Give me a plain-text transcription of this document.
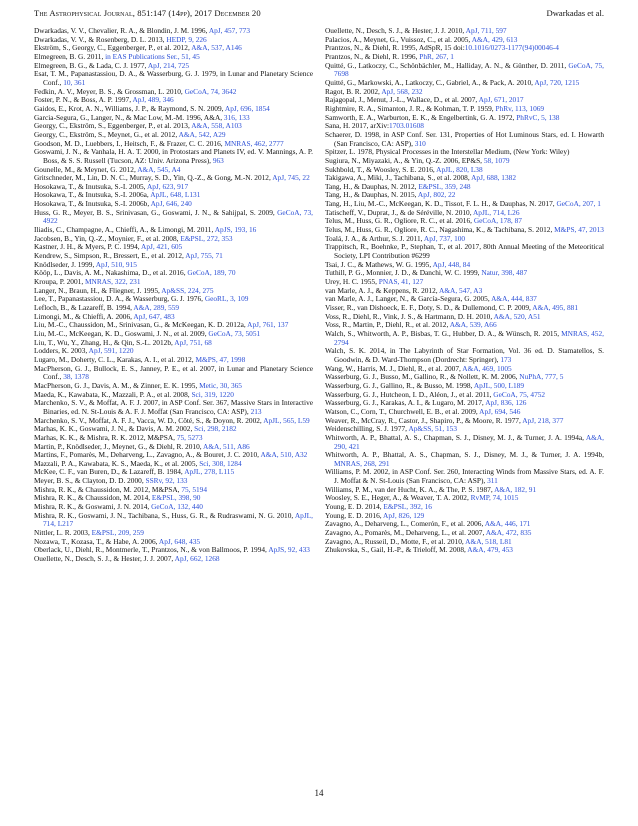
The Astrophysical Journal, 851:147 (14pp), 2017 December 20	Dwarkadas et al.
Dwarkadas, V. V., Chevalier, R. A., & Blondin, J. M. 1996, ApJ, 457, 773
Dwarkadas, V. V., & Rosenberg, D. L. 2013, HEDP, 9, 226
Ekström, S., Georgy, C., Eggenberger, P., et al. 2012, A&A, 537, A146
Elmegreen, B. G. 2011, in EAS Publications Ser., 51, 45
Elmegreen, B. G., & Lada, C. J. 1977, ApJ, 214, 725
Esat, T. M., Papanastassiou, D. A., & Wasserburg, G. J. 1979, in Lunar and Planetary Science Conf., 10, 361
Fedkin, A. V., Meyer, B. S., & Grossman, L. 2010, GeCoA, 74, 3642
Foster, P. N., & Boss, A. P. 1997, ApJ, 489, 346
Gaidos, E., Krot, A. N., Williams, J. P., & Raymond, S. N. 2009, ApJ, 696, 1854
Garcia-Segura, G., Langer, N., & Mac Low, M.-M. 1996, A&A, 316, 133
Georgy, C., Ekström, S., Eggenberger, P., et al. 2013, A&A, 558, A103
Georgy, C., Ekström, S., Meynet, G., et al. 2012, A&A, 542, A29
Goodson, M. D., Luebbers, I., Heitsch, F., & Frazer, C. C. 2016, MNRAS, 462, 2777
Goswami, J. N., & Vanhala, H. A. T. 2000, in Protostars and Planets IV, ed. V. Mannings, A. P. Boss, & S. S. Russell (Tucson, AZ: Univ. Arizona Press), 963
Gounelle, M., & Meynet, G. 2012, A&A, 545, A4
Gritschneder, M., Lin, D. N. C., Murray, S. D., Yin, Q.-Z., & Gong, M.-N. 2012, ApJ, 745, 22
Hosokawa, T., & Inutsuka, S.-I. 2005, ApJ, 623, 917
Hosokawa, T., & Inutsuka, S.-I. 2006a, ApJL, 648, L131
Hosokawa, T., & Inutsuka, S.-I. 2006b, ApJ, 646, 240
Huss, G. R., Meyer, B. S., Srinivasan, G., Goswami, J. N., & Sahijpal, S. 2009, GeCoA, 73, 4922
Iliadis, C., Champagne, A., Chieffi, A., & Limongi, M. 2011, ApJS, 193, 16
Jacobsen, B., Yin, Q.-Z., Moynier, F., et al. 2008, E&PSL, 272, 353
Kastner, J. H., & Myers, P. C. 1994, ApJ, 421, 605
Kendrew, S., Simpson, R., Bressert, E., et al. 2012, ApJ, 755, 71
Knödlseder, J. 1999, ApJ, 510, 915
Kööp, L., Davis, A. M., Nakashima, D., et al. 2016, GeCoA, 189, 70
Kroupa, P. 2001, MNRAS, 322, 231
Langer, N., Braun, H., & Fliegner, J. 1995, Ap&SS, 224, 275
Lee, T., Papanastassiou, D. A., & Wasserburg, G. J. 1976, GeoRL, 3, 109
Lefloch, B., & Lazareff, B. 1994, A&A, 289, 559
Limongi, M., & Chieffi, A. 2006, ApJ, 647, 483
Liu, M.-C., Chaussidon, M., Srinivasan, G., & McKeegan, K. D. 2012a, ApJ, 761, 137
Liu, M.-C., McKeegan, K. D., Goswami, J. N., et al. 2009, GeCoA, 73, 5051
Liu, T., Wu, Y., Zhang, H., & Qin, S.-L. 2012b, ApJ, 751, 68
Lodders, K. 2003, ApJ, 591, 1220
Lugaro, M., Doherty, C. L., Karakas, A. I., et al. 2012, M&PS, 47, 1998
MacPherson, G. J., Bullock, E. S., Janney, P. E., et al. 2007, in Lunar and Planetary Science Conf., 38, 1378
MacPherson, G. J., Davis, A. M., & Zinner, E. K. 1995, Metic, 30, 365
Maeda, K., Kawabata, K., Mazzali, P. A., et al. 2008, Sci, 319, 1220
Marchenko, S. V., & Moffat, A. F. J. 2007, in ASP Conf. Ser. 367, Massive Stars in Interactive Binaries, ed. N. St-Louis & A. F. J. Moffat (San Francisco, CA: ASP), 213
Marchenko, S. V., Moffat, A. F. J., Vacca, W. D., Côté, S., & Doyon, R. 2002, ApJL, 565, L59
Marhas, K. K., Goswami, J. N., & Davis, A. M. 2002, Sci, 298, 2182
Marhas, K. K., & Mishra, R. K. 2012, M&PSA, 75, 5273
Martin, P., Knödlseder, J., Meynet, G., & Diehl, R. 2010, A&A, 511, A86
Martins, F., Pomarès, M., Deharveng, L., Zavagno, A., & Bouret, J. C. 2010, A&A, 510, A32
Mazzali, P. A., Kawabata, K. S., Maeda, K., et al. 2005, Sci, 308, 1284
McKee, C. F., van Buren, D., & Lazareff, B. 1984, ApJL, 278, L115
Meyer, B. S., & Clayton, D. D. 2000, SSRv, 92, 133
Mishra, R. K., & Chaussidon, M. 2012, M&PSA, 75, 5194
Mishra, R. K., & Chaussidon, M. 2014, E&PSL, 398, 90
Mishra, R. K., & Goswami, J. N. 2014, GeCoA, 132, 440
Mishra, R. K., Goswami, J. N., Tachibana, S., Huss, G. R., & Rudraswami, N. G. 2010, ApJL, 714, L217
Nittler, L. R. 2003, E&PSL, 209, 259
Nozawa, T., Kozasa, T., & Habe, A. 2006, ApJ, 648, 435
Oberlack, U., Diehl, R., Montmerle, T., Prantzos, N., & von Ballmoos, P. 1994, ApJS, 92, 433
Ouellette, N., Desch, S. J., & Hester, J. J. 2007, ApJ, 662, 1268
Ouellette, N., Desch, S. J., & Hester, J. J. 2010, ApJ, 711, 597
Palacios, A., Meynet, G., Vuissoz, C., et al. 2005, A&A, 429, 613
Prantzos, N., & Diehl, R. 1995, AdSpR, 15 doi:10.1016/0273-1177(94)00046-4
Prantzos, N., & Diehl, R. 1996, PhR, 267, 1
Quitté, G., Latkoczy, C., Schönbächler, M., Halliday, A. N., & Günther, D. 2011, GeCoA, 75, 7698
Quitté, G., Markowski, A., Latkoczy, C., Gabriel, A., & Pack, A. 2010, ApJ, 720, 1215
Ragot, B. R. 2002, ApJ, 568, 232
Rajagopal, J., Menut, J.-L., Wallace, D., et al. 2007, ApJ, 671, 2017
Rightmire, R. A., Simanton, J. R., & Kohman, T. P. 1959, PhRv, 113, 1069
Samworth, E. A., Warburton, E. K., & Engelbertink, G. A. 1972, PhRvC, 5, 138
Sana, H. 2017, arXiv:1703.01608
Schaerer, D. 1998, in ASP Conf. Ser. 131, Properties of Hot Luminous Stars, ed. I. Howarth (San Francisco, CA: ASP), 310
Spitzer, L. 1978, Physical Processes in the Interstellar Medium, (New York: Wiley)
Sugiura, N., Miyazaki, A., & Yin, Q.-Z. 2006, EP&S, 58, 1079
Sukhbold, T., & Woosley, S. E. 2016, ApJL, 820, L38
Takigawa, A., Miki, J., Tachibana, S., et al. 2008, ApJ, 688, 1382
Tang, H., & Dauphas, N. 2012, E&PSL, 359, 248
Tang, H., & Dauphas, N. 2015, ApJ, 802, 22
Tang, H., Liu, M.-C., McKeegan, K. D., Tissot, F. L. H., & Dauphas, N. 2017, GeCoA, 207, 1
Tatischeff, V., Duprat, J., & de Séréville, N. 2010, ApJL, 714, L26
Telus, M., Huss, G. R., Ogliore, R. C., et al. 2016, GeCoA, 178, 87
Telus, M., Huss, G. R., Ogliore, R. C., Nagashima, K., & Tachibana, S. 2012, M&PS, 47, 2013
Toalá, J. A., & Arthur, S. J. 2011, ApJ, 737, 100
Trappitsch, R., Boehnke, P., Stephan, T., et al. 2017, 80th Annual Meeting of the Meteoritical Society, LPI Contribution #6299
Tsai, J. C., & Mathews, W. G. 1995, ApJ, 448, 84
Tuthill, P. G., Monnier, J. D., & Danchi, W. C. 1999, Natur, 398, 487
Urey, H. C. 1955, PNAS, 41, 127
van Marle, A. J., & Keppens, R. 2012, A&A, 547, A3
van Marle, A. J., Langer, N., & García-Segura, G. 2005, A&A, 444, 837
Visser, R., van Dishoeck, E. F., Doty, S. D., & Dullemond, C. P. 2009, A&A, 495, 881
Voss, R., Diehl, R., Vink, J. S., & Hartmann, D. H. 2010, A&A, 520, A51
Voss, R., Martin, P., Diehl, R., et al. 2012, A&A, 539, A66
Walch, S., Whitworth, A. P., Bisbas, T. G., Hubber, D. A., & Wünsch, R. 2015, MNRAS, 452, 2794
Walch, S. K. 2014, in The Labyrinth of Star Formation, Vol. 36 ed. D. Stamatellos, S. Goodwin, & D. Ward-Thompson (Dordrecht: Springer), 173
Wang, W., Harris, M. J., Diehl, R., et al. 2007, A&A, 469, 1005
Wasserburg, G. J., Busso, M., Gallino, R., & Nollett, K. M. 2006, NuPhA, 777, 5
Wasserburg, G. J., Gallino, R., & Busso, M. 1998, ApJL, 500, L189
Wasserburg, G. J., Hutcheon, I. D., Aléon, J., et al. 2011, GeCoA, 75, 4752
Wasserburg, G. J., Karakas, A. I., & Lugaro, M. 2017, ApJ, 836, 126
Watson, C., Corn, T., Churchwell, E. B., et al. 2009, ApJ, 694, 546
Weaver, R., McCray, R., Castor, J., Shapiro, P., & Moore, R. 1977, ApJ, 218, 377
Weidenschilling, S. J. 1977, Ap&SS, 51, 153
Whitworth, A. P., Bhattal, A. S., Chapman, S. J., Disney, M. J., & Turner, J. A. 1994a, A&A, 290, 421
Whitworth, A. P., Bhattal, A. S., Chapman, S. J., Disney, M. J., & Turner, J. A. 1994b, MNRAS, 268, 291
Williams, P. M. 2002, in ASP Conf. Ser. 260, Interacting Winds from Massive Stars, ed. A. F. J. Moffat & N. St-Louis (San Francisco, CA: ASP), 311
Williams, P. M., van der Hucht, K. A., & The, P. S. 1987, A&A, 182, 91
Woosley, S. E., Heger, A., & Weaver, T. A. 2002, RvMP, 74, 1015
Young, E. D. 2014, E&PSL, 392, 16
Young, E. D. 2016, ApJ, 826, 129
Zavagno, A., Deharveng, L., Comerón, F., et al. 2006, A&A, 446, 171
Zavagno, A., Pomarès, M., Deharveng, L., et al. 2007, A&A, 472, 835
Zavagno, A., Russeil, D., Motte, F., et al. 2010, A&A, 518, L81
Zhukovska, S., Gail, H.-P., & Trieloff, M. 2008, A&A, 479, 453
14
